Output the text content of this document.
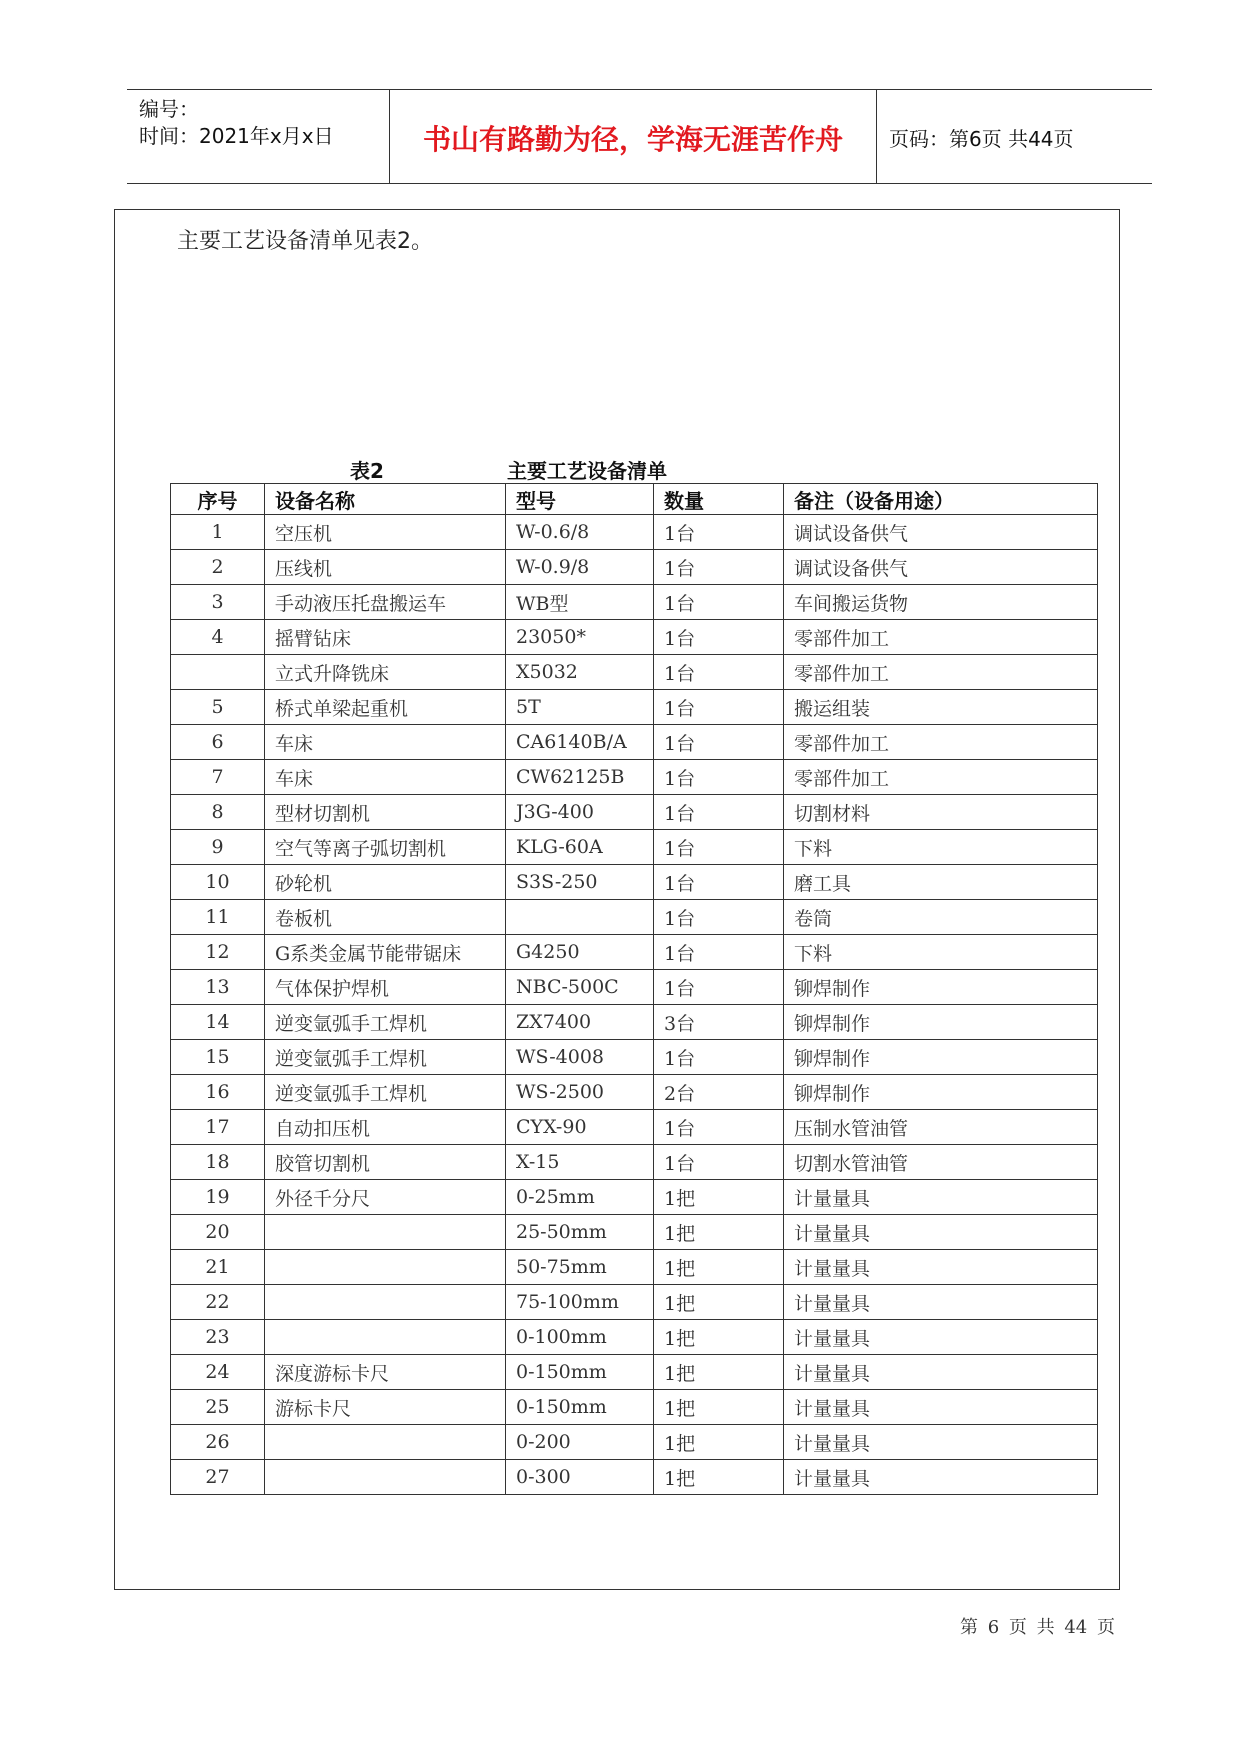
编号：
时间：2021年x月x日	书山有路勤为径，学海无涯苦作舟	页码：第6页 共44页
主要工艺设备清单见表2。
表2	主要工艺设备清单
序号	设备名称	型号	数量	备注（设备用途）
1	空压机	W-0.6/8	1台	调试设备供气
2	压线机	W-0.9/8	1台	调试设备供气
3	手动液压托盘搬运车	WB型	1台	车间搬运货物
4	摇臂钻床	23050*	1台	零部件加工
	立式升降铣床	X5032	1台	零部件加工
5	桥式单梁起重机	5T	1台	搬运组装
6	车床	CA6140B/A	1台	零部件加工
7	车床	CW62125B	1台	零部件加工
8	型材切割机	J3G-400	1台	切割材料
9	空气等离子弧切割机	KLG-60A	1台	下料
10	砂轮机	S3S-250	1台	磨工具
11	卷板机		1台	卷筒
12	G系类金属节能带锯床	G4250	1台	下料
13	气体保护焊机	NBC-500C	1台	铆焊制作
14	逆变氩弧手工焊机	ZX7400	3台	铆焊制作
15	逆变氩弧手工焊机	WS-4008	1台	铆焊制作
16	逆变氩弧手工焊机	WS-2500	2台	铆焊制作
17	自动扣压机	CYX-90	1台	压制水管油管
18	胶管切割机	X-15	1台	切割水管油管
19	外径千分尺	0-25mm	1把	计量量具
20		25-50mm	1把	计量量具
21		50-75mm	1把	计量量具
22		75-100mm	1把	计量量具
23		0-100mm	1把	计量量具
24	深度游标卡尺	0-150mm	1把	计量量具
25	游标卡尺	0-150mm	1把	计量量具
26		0-200	1把	计量量具
27		0-300	1把	计量量具
第 6 页 共 44 页
